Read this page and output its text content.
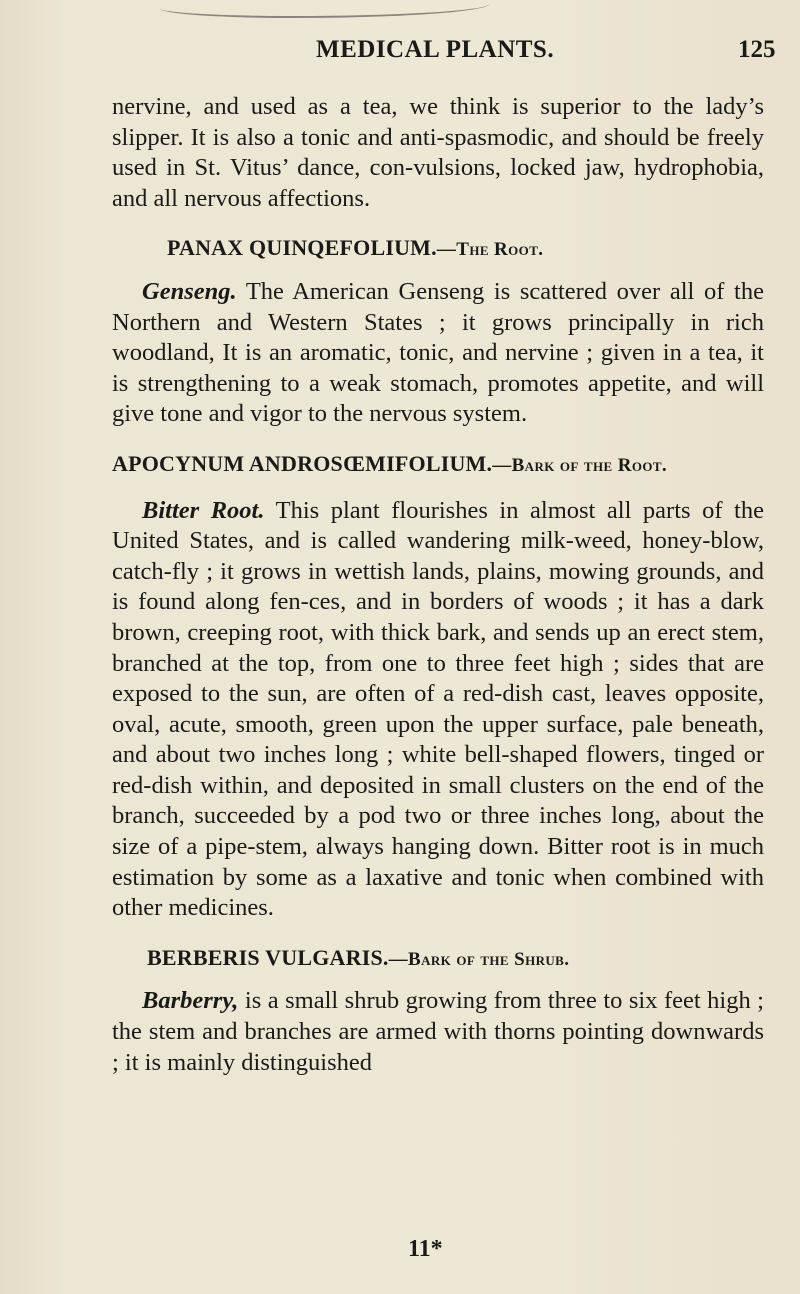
MEDICAL PLANTS.	125

nervine, and used as a tea, we think is superior to the lady’s slipper. It is also a tonic and anti-spasmodic, and should be freely used in St. Vitus’ dance, con-vulsions, locked jaw, hydrophobia, and all nervous affections.

PANAX QUINQEFOLIUM.—The Root.

Genseng. The American Genseng is scattered over all of the Northern and Western States ; it grows principally in rich woodland, It is an aromatic, tonic, and nervine ; given in a tea, it is strengthening to a weak stomach, promotes appetite, and will give tone and vigor to the nervous system.

APOCYNUM ANDROSŒMIFOLIUM.—Bark of the Root.

Bitter Root. This plant flourishes in almost all parts of the United States, and is called wandering milk-weed, honey-blow, catch-fly ; it grows in wettish lands, plains, mowing grounds, and is found along fen-ces, and in borders of woods ; it has a dark brown, creeping root, with thick bark, and sends up an erect stem, branched at the top, from one to three feet high ; sides that are exposed to the sun, are often of a red-dish cast, leaves opposite, oval, acute, smooth, green upon the upper surface, pale beneath, and about two inches long ; white bell-shaped flowers, tinged or red-dish within, and deposited in small clusters on the end of the branch, succeeded by a pod two or three inches long, about the size of a pipe-stem, always hanging down. Bitter root is in much estimation by some as a laxative and tonic when combined with other medicines.

BERBERIS VULGARIS.—Bark of the Shrub.

Barberry, is a small shrub growing from three to six feet high ; the stem and branches are armed with thorns pointing downwards ; it is mainly distinguished

11*
